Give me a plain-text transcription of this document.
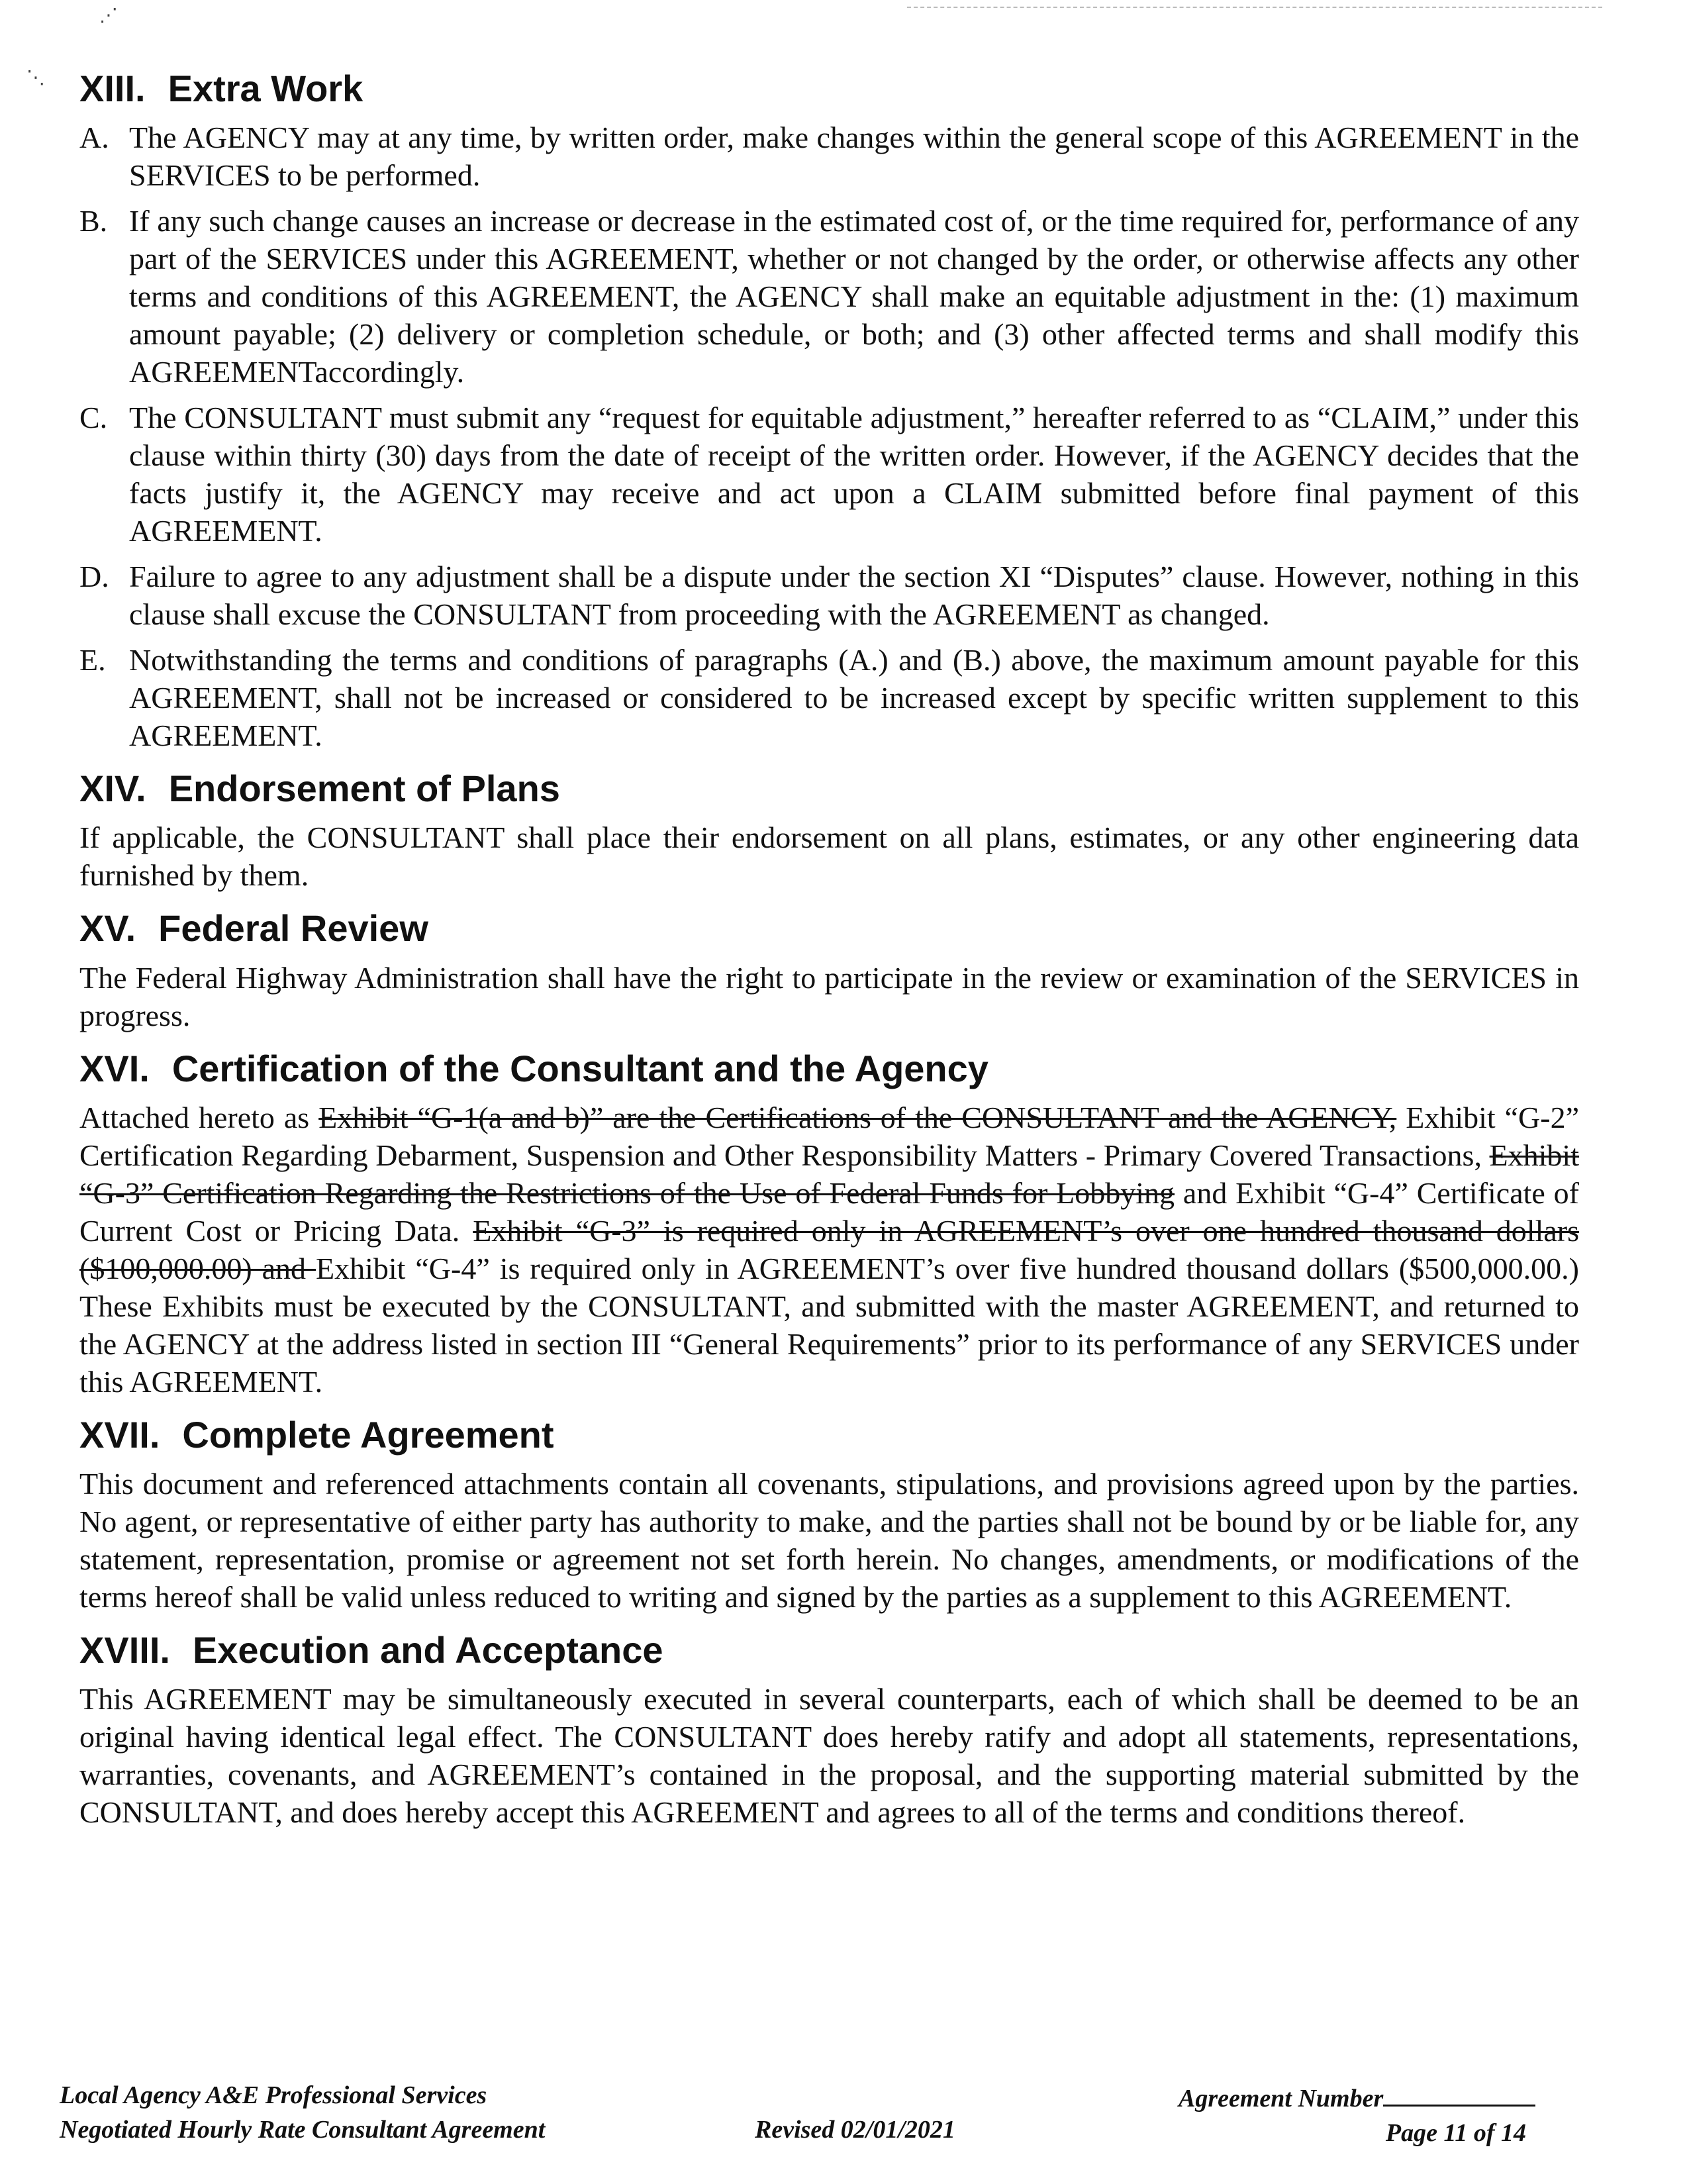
⋰
⋱ XIII. Extra Work
A. The AGENCY may at any time, by written order, make changes within the general scope of this AGREEMENT in the SERVICES to be performed.
B. If any such change causes an increase or decrease in the estimated cost of, or the time required for, performance of any part of the SERVICES under this AGREEMENT, whether or not changed by the order, or otherwise affects any other terms and conditions of this AGREEMENT, the AGENCY shall make an equitable adjustment in the: (1) maximum amount payable; (2) delivery or completion schedule, or both; and (3) other affected terms and shall modify this AGREEMENTaccordingly.
C. The CONSULTANT must submit any “request for equitable adjustment,” hereafter referred to as “CLAIM,” under this clause within thirty (30) days from the date of receipt of the written order. However, if the AGENCY decides that the facts justify it, the AGENCY may receive and act upon a CLAIM submitted before final payment of this AGREEMENT.
D. Failure to agree to any adjustment shall be a dispute under the section XI “Disputes” clause. However, nothing in this clause shall excuse the CONSULTANT from proceeding with the AGREEMENT as changed.
E. Notwithstanding the terms and conditions of paragraphs (A.) and (B.) above, the maximum amount payable for this AGREEMENT, shall not be increased or considered to be increased except by specific written supplement to this AGREEMENT.
XIV. Endorsement of Plans

If applicable, the CONSULTANT shall place their endorsement on all plans, estimates, or any other engineering data furnished by them.

XV. Federal Review

The Federal Highway Administration shall have the right to participate in the review or examination of the SERVICES in progress.

XVI. Certification of the Consultant and the Agency

Attached hereto as Exhibit “G-1(a and b)” are the Certifications of the CONSULTANT and the AGENCY, Exhibit “G-2” Certification Regarding Debarment, Suspension and Other Responsibility Matters - Primary Covered Transactions, Exhibit “G-3” Certification Regarding the Restrictions of the Use of Federal Funds for Lobbying and Exhibit “G-4” Certificate of Current Cost or Pricing Data. Exhibit “G-3” is required only in AGREEMENT’s over one hundred thousand dollars ($100,000.00) and Exhibit “G-4” is required only in AGREEMENT’s over five hundred thousand dollars ($500,000.00.) These Exhibits must be executed by the CONSULTANT, and submitted with the master AGREEMENT, and returned to the AGENCY at the address listed in section III “General Requirements” prior to its performance of any SERVICES under this AGREEMENT.

XVII. Complete Agreement

This document and referenced attachments contain all covenants, stipulations, and provisions agreed upon by the parties. No agent, or representative of either party has authority to make, and the parties shall not be bound by or be liable for, any statement, representation, promise or agreement not set forth herein. No changes, amendments, or modifications of the terms hereof shall be valid unless reduced to writing and signed by the parties as a supplement to this AGREEMENT.

XVIII. Execution and Acceptance

This AGREEMENT may be simultaneously executed in several counterparts, each of which shall be deemed to be an original having identical legal effect. The CONSULTANT does hereby ratify and adopt all statements, representations, warranties, covenants, and AGREEMENT’s contained in the proposal, and the supporting material submitted by the CONSULTANT, and does hereby accept this AGREEMENT and agrees to all of the terms and conditions thereof.

Local Agency A&E Professional Services
Negotiated Hourly Rate Consultant Agreement	Revised 02/01/2021
Agreement Number
Page 11 of 14
